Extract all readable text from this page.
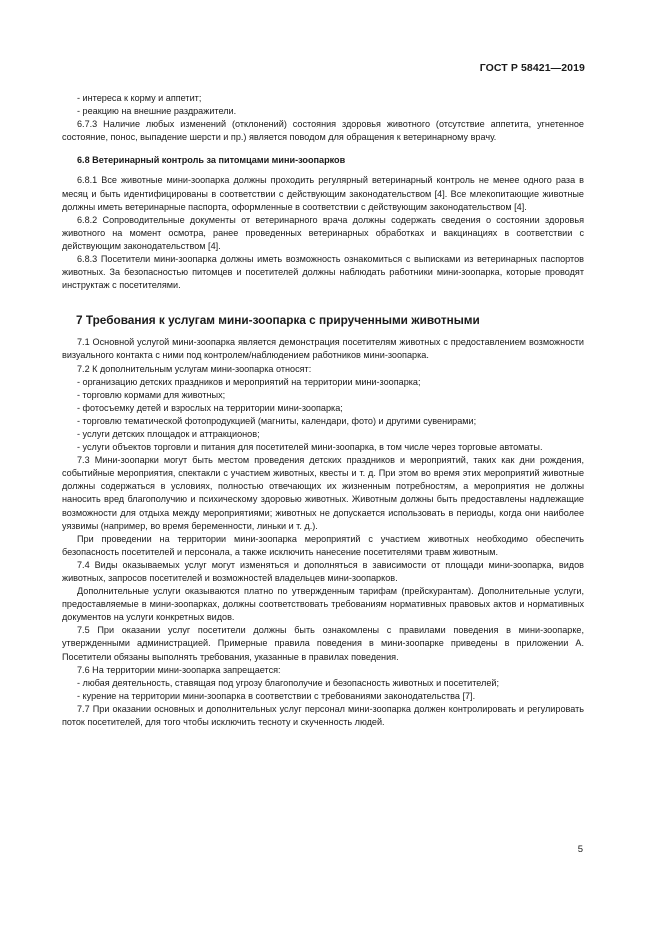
ГОСТ Р 58421—2019

- интереса к корму и аппетит;

- реакцию на внешние раздражители.

6.7.3 Наличие любых изменений (отклонений) состояния здоровья животного (отсутствие аппетита, угнетенное состояние, понос, выпадение шерсти и пр.) является поводом для обращения к ветеринарному врачу.

6.8 Ветеринарный контроль за питомцами мини-зоопарков

6.8.1 Все животные мини-зоопарка должны проходить регулярный ветеринарный контроль не менее одного раза в месяц и быть идентифицированы в соответствии с действующим законодательством [4]. Все млекопитающие животные должны иметь ветеринарные паспорта, оформленные в соответствии с действующим законодательством [4].

6.8.2 Сопроводительные документы от ветеринарного врача должны содержать сведения о состоянии здоровья животного на момент осмотра, ранее проведенных ветеринарных обработках и вакцинациях в соответствии с действующим законодательством [4].

6.8.3 Посетители мини-зоопарка должны иметь возможность ознакомиться с выписками из ветеринарных паспортов животных. За безопасностью питомцев и посетителей должны наблюдать работники мини-зоопарка, которые проводят инструктаж с посетителями.

7 Требования к услугам мини-зоопарка с прирученными животными

7.1 Основной услугой мини-зоопарка является демонстрация посетителям животных с предоставлением возможности визуального контакта с ними под контролем/наблюдением работников мини-зоопарка.

7.2 К дополнительным услугам мини-зоопарка относят:

- организацию детских праздников и мероприятий на территории мини-зоопарка;

- торговлю кормами для животных;

- фотосъемку детей и взрослых на территории мини-зоопарка;

- торговлю тематической фотопродукцией (магниты, календари, фото) и другими сувенирами;

- услуги детских площадок и аттракционов;

- услуги объектов торговли и питания для посетителей мини-зоопарка, в том числе через торговые автоматы.

7.3 Мини-зоопарки могут быть местом проведения детских праздников и мероприятий, таких как дни рождения, событийные мероприятия, спектакли с участием животных, квесты и т. д. При этом во время этих мероприятий животные должны содержаться в условиях, полностью отвечающих их жизненным потребностям, а мероприятия не должны наносить вред благополучию и психическому здоровью животных. Животным должны быть предоставлены надлежащие возможности для отдыха между мероприятиями; животных не допускается использовать в периоды, когда они наиболее уязвимы (например, во время беременности, линьки и т. д.).

При проведении на территории мини-зоопарка мероприятий с участием животных необходимо обеспечить безопасность посетителей и персонала, а также исключить нанесение посетителями травм животным.

7.4 Виды оказываемых услуг могут изменяться и дополняться в зависимости от площади мини-зоопарка, видов животных, запросов посетителей и возможностей владельцев мини-зоопарков.

Дополнительные услуги оказываются платно по утвержденным тарифам (прейскурантам). Дополнительные услуги, предоставляемые в мини-зоопарках, должны соответствовать требованиям нормативных правовых актов и нормативных документов на услуги конкретных видов.

7.5 При оказании услуг посетители должны быть ознакомлены с правилами поведения в мини-зоопарке, утвержденными администрацией. Примерные правила поведения в мини-зоопарке приведены в приложении А. Посетители обязаны выполнять требования, указанные в правилах поведения.

7.6 На территории мини-зоопарка запрещается:

- любая деятельность, ставящая под угрозу благополучие и безопасность животных и посетителей;

- курение на территории мини-зоопарка в соответствии с требованиями законодательства [7].

7.7 При оказании основных и дополнительных услуг персонал мини-зоопарка должен контролировать и регулировать поток посетителей, для того чтобы исключить тесноту и скученность людей.

5
